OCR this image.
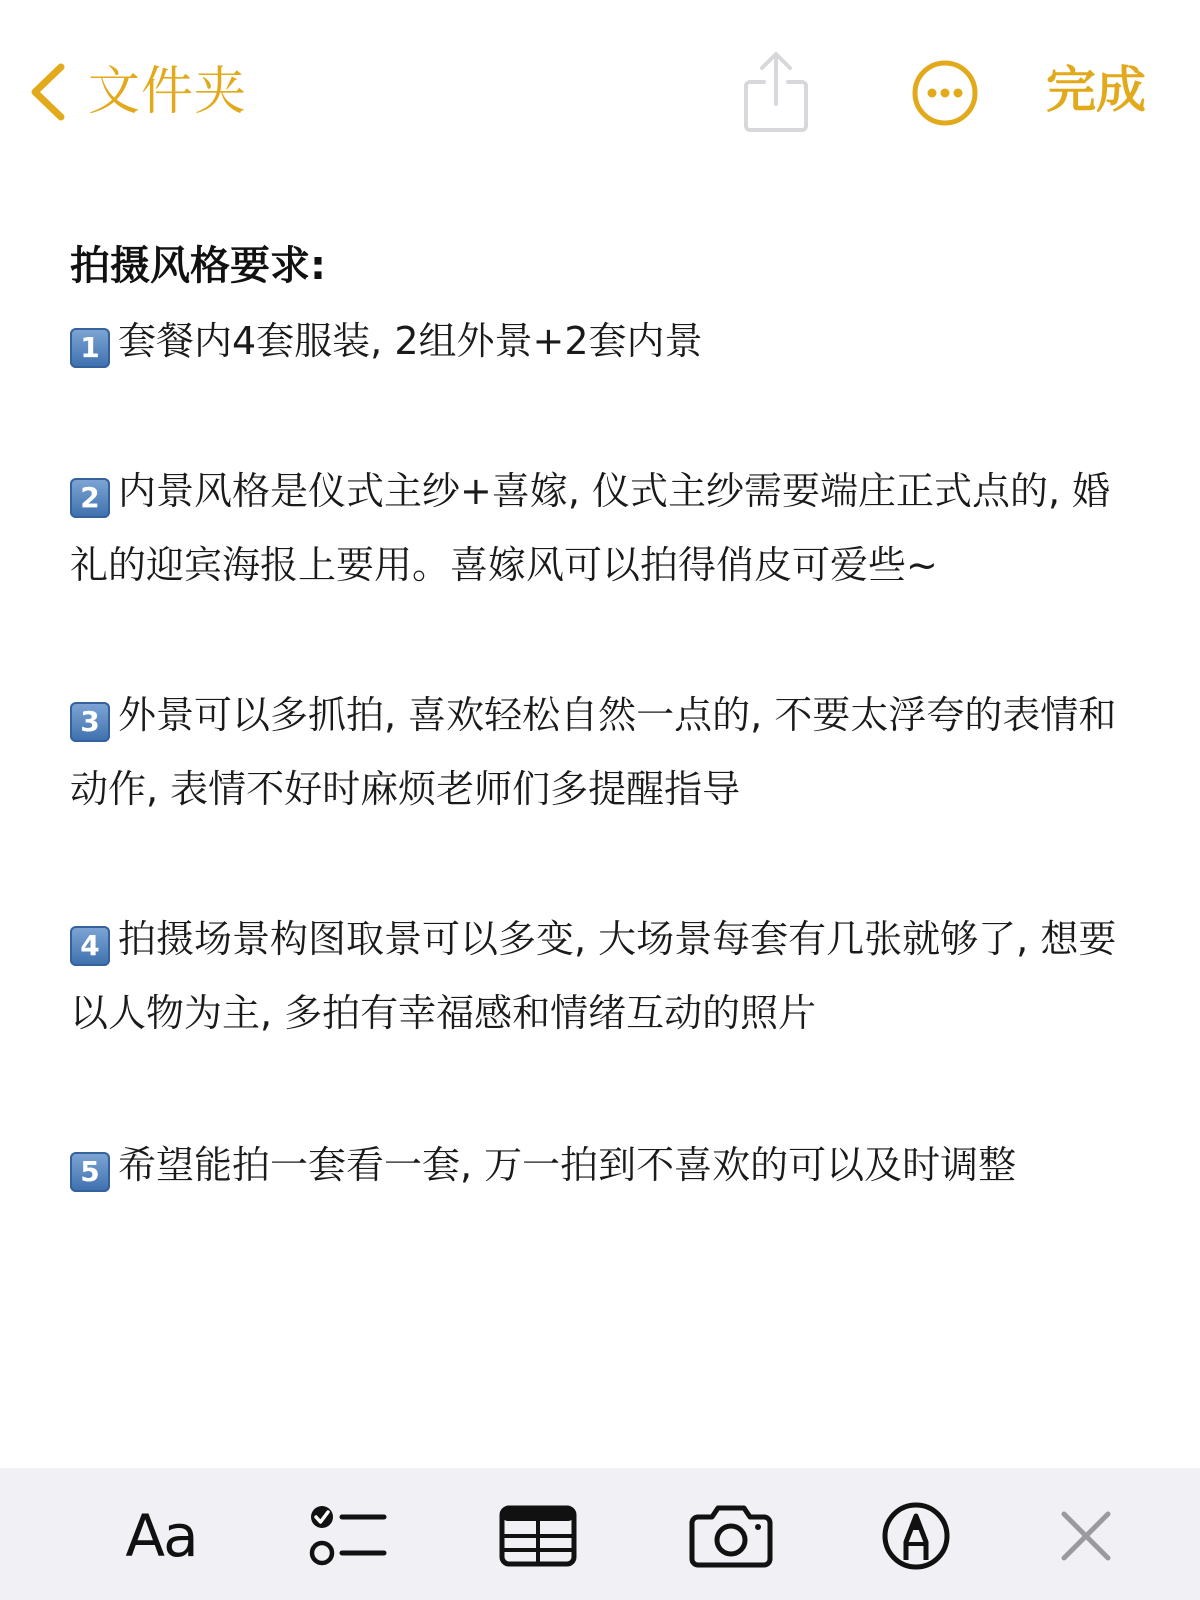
文件夹	完成
拍摄风格要求:

1 套餐内4套服装, 2组外景+2套内景

2 内景风格是仪式主纱+喜嫁, 仪式主纱需要端庄正式点的, 婚礼的迎宾海报上要用。喜嫁风可以拍得俏皮可爱些~

3 外景可以多抓拍, 喜欢轻松自然一点的, 不要太浮夸的表情和动作, 表情不好时麻烦老师们多提醒指导

4 拍摄场景构图取景可以多变, 大场景每套有几张就够了, 想要以人物为主, 多拍有幸福感和情绪互动的照片

5 希望能拍一套看一套, 万一拍到不喜欢的可以及时调整

Aa
